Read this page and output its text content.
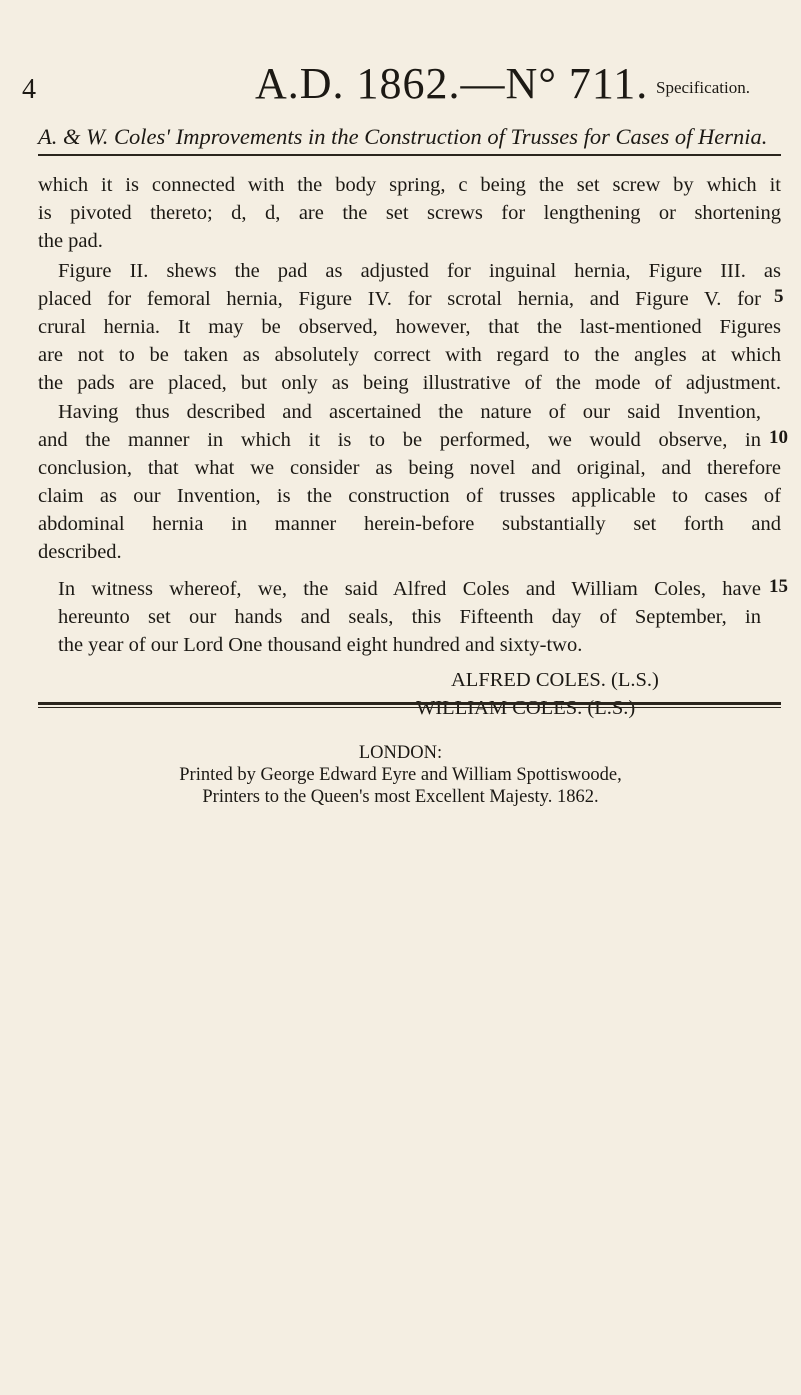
4	A.D. 1862.—N° 711. Specification.
A. & W. Coles' Improvements in the Construction of Trusses for Cases of Hernia.
which it is connected with the body spring, c being the set screw by which it
is pivoted thereto; d, d, are the set screws for lengthening or shortening
the pad.
Figure II. shews the pad as adjusted for inguinal hernia, Figure III. as
placed for femoral hernia, Figure IV. for scrotal hernia, and Figure V. for
crural hernia. It may be observed, however, that the last-mentioned Figures
are not to be taken as absolutely correct with regard to the angles at which
the pads are placed, but only as being illustrative of the mode of adjustment.
Having thus described and ascertained the nature of our said Invention,
and the manner in which it is to be performed, we would observe, in
conclusion, that what we consider as being novel and original, and therefore
claim as our Invention, is the construction of trusses applicable to cases of
abdominal hernia in manner herein-before substantially set forth and
described.
In witness whereof, we, the said Alfred Coles and William Coles, have
hereunto set our hands and seals, this Fifteenth day of September, in
the year of our Lord One thousand eight hundred and sixty-two.
5
10
15
ALFRED COLES. (L.S.)
WILLIAM COLES. (L.S.)
LONDON:
Printed by George Edward Eyre and William Spottiswoode,
Printers to the Queen's most Excellent Majesty. 1862.
